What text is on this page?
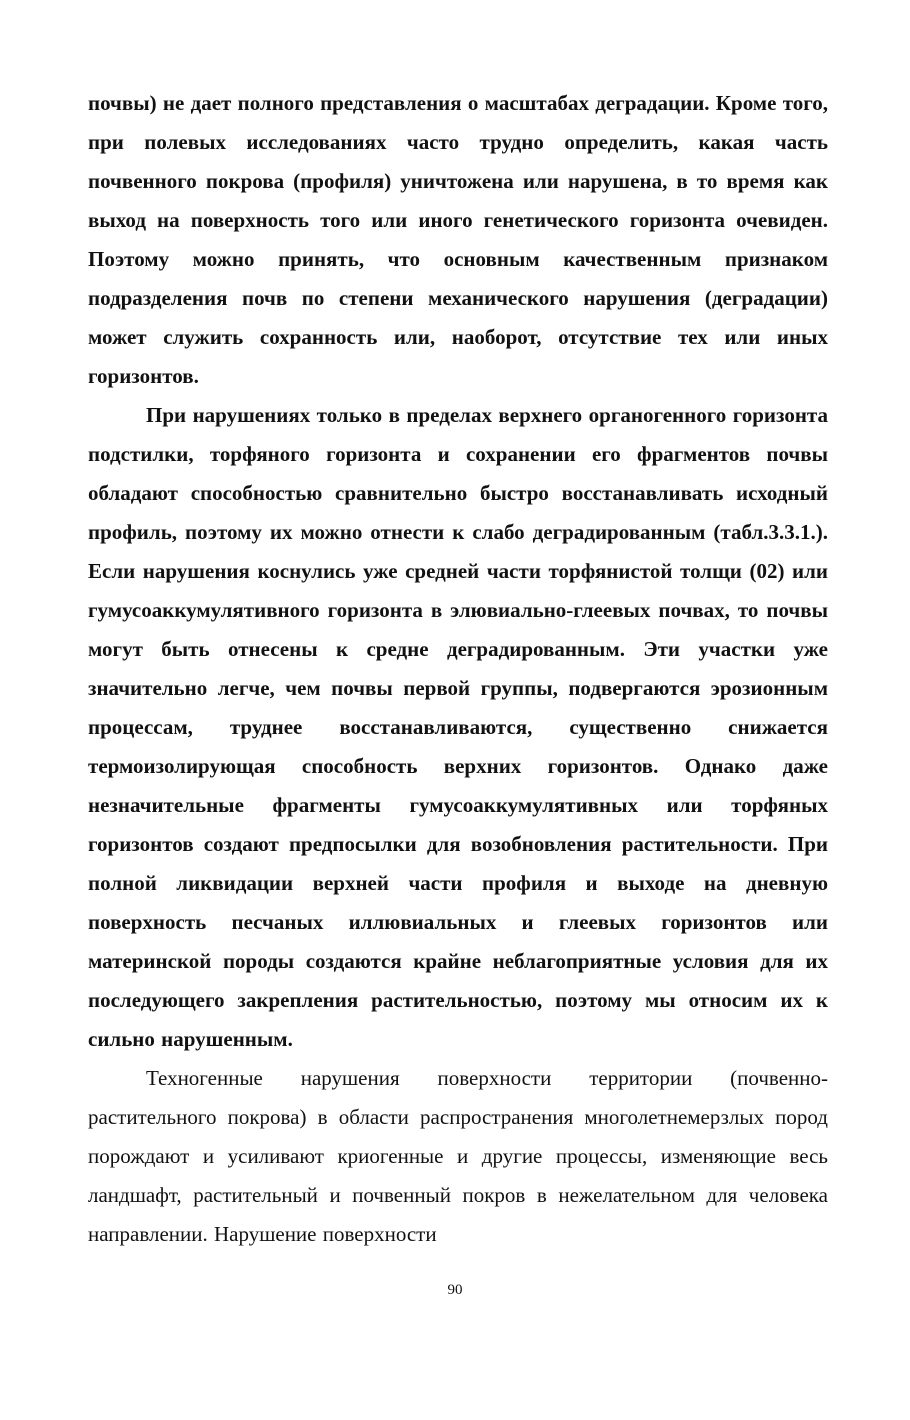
почвы) не дает полного представления о масштабах деградации. Кроме того, при полевых исследованиях часто трудно определить, какая часть почвенного покрова (профиля) уничтожена или нарушена, в то время как выход на поверхность того или иного генетического горизонта очевиден. Поэтому можно принять, что основным качественным признаком подразделения почв по степени механического нарушения (деградации) может служить сохранность или, наоборот, отсутствие тех или иных горизонтов.

При нарушениях только в пределах верхнего органогенного горизонта подстилки, торфяного горизонта и сохранении его фрагментов почвы обладают способностью сравнительно быстро восстанавливать исходный профиль, поэтому их можно отнести к слабо деградированным (табл.3.3.1.). Если нарушения коснулись уже средней части торфянистой толщи (02) или гумусоаккумулятивного горизонта в элювиально-глеевых почвах, то почвы могут быть отнесены к средне деградированным. Эти участки уже значительно легче, чем почвы первой группы, подвергаются эрозионным процессам, труднее восстанавливаются, существенно снижается термоизолирующая способность верхних горизонтов. Однако даже незначительные фрагменты гумусоаккумулятивных или торфяных горизонтов создают предпосылки для возобновления растительности. При полной ликвидации верхней части профиля и выходе на дневную поверхность песчаных иллювиальных и глеевых горизонтов или материнской породы создаются крайне неблагоприятные условия для их последующего закрепления растительностью, поэтому мы относим их к сильно нарушенным.

Техногенные нарушения поверхности территории (почвенно-растительного покрова) в области распространения многолетнемерзлых пород порождают и усиливают криогенные и другие процессы, изменяющие весь ландшафт, растительный и почвенный покров в нежелательном для человека направлении. Нарушение поверхности

90
